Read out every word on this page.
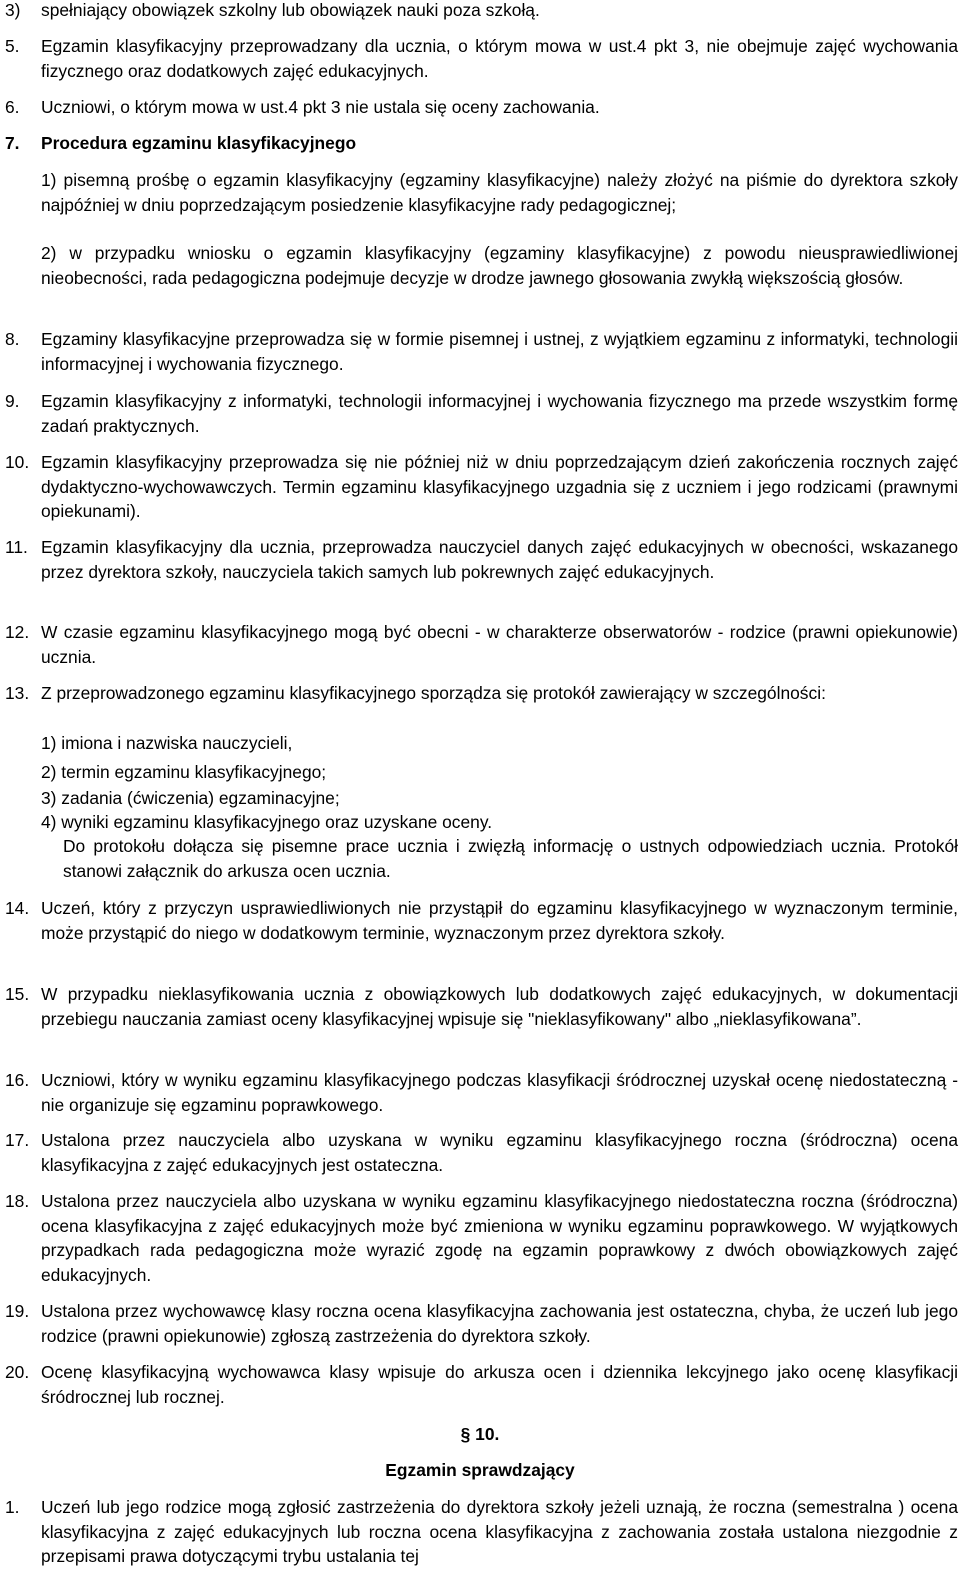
3) spełniający obowiązek szkolny lub obowiązek nauki poza szkołą.
5. Egzamin klasyfikacyjny przeprowadzany dla ucznia, o którym mowa w ust.4 pkt 3, nie obejmuje zajęć wychowania fizycznego oraz dodatkowych zajęć edukacyjnych.
6. Uczniowi, o którym mowa w ust.4 pkt 3 nie ustala się oceny zachowania.
7. Procedura egzaminu klasyfikacyjnego
1) pisemną prośbę o egzamin klasyfikacyjny (egzaminy klasyfikacyjne) należy złożyć na piśmie do dyrektora szkoły najpóźniej w dniu poprzedzającym posiedzenie klasyfikacyjne rady pedagogicznej;
2) w przypadku wniosku o egzamin klasyfikacyjny (egzaminy klasyfikacyjne) z powodu nieusprawiedliwionej nieobecności, rada pedagogiczna podejmuje decyzje w drodze jawnego głosowania zwykłą większością głosów.
8. Egzaminy klasyfikacyjne przeprowadza się w formie pisemnej i ustnej, z wyjątkiem egzaminu z informatyki, technologii informacyjnej i wychowania fizycznego.
9. Egzamin klasyfikacyjny z informatyki, technologii informacyjnej i wychowania fizycznego ma przede wszystkim formę zadań praktycznych.
10. Egzamin klasyfikacyjny przeprowadza się nie później niż w dniu poprzedzającym dzień zakończenia rocznych zajęć dydaktyczno-wychowawczych. Termin egzaminu klasyfikacyjnego uzgadnia się z uczniem i jego rodzicami (prawnymi opiekunami).
11. Egzamin klasyfikacyjny dla ucznia, przeprowadza nauczyciel danych zajęć edukacyjnych w obecności, wskazanego przez dyrektora szkoły, nauczyciela takich samych lub pokrewnych zajęć edukacyjnych.
12. W czasie egzaminu klasyfikacyjnego mogą być obecni - w charakterze obserwatorów - rodzice (prawni opiekunowie) ucznia.
13. Z przeprowadzonego egzaminu klasyfikacyjnego sporządza się protokół zawierający w szczególności:
1) imiona i nazwiska nauczycieli,
2) termin egzaminu klasyfikacyjnego;
3) zadania (ćwiczenia) egzaminacyjne;
4) wyniki egzaminu klasyfikacyjnego oraz uzyskane oceny.
Do protokołu dołącza się pisemne prace ucznia i zwięzłą informację o ustnych odpowiedziach ucznia. Protokół stanowi załącznik do arkusza ocen ucznia.
14. Uczeń, który z przyczyn usprawiedliwionych nie przystąpił do egzaminu klasyfikacyjnego w wyznaczonym terminie, może przystąpić do niego w dodatkowym terminie, wyznaczonym przez dyrektora szkoły.
15. W przypadku nieklasyfikowania ucznia z obowiązkowych lub dodatkowych zajęć edukacyjnych, w dokumentacji przebiegu nauczania zamiast oceny klasyfikacyjnej wpisuje się "nieklasyfikowany" albo „nieklasyfikowana”.
16. Uczniowi, który w wyniku egzaminu klasyfikacyjnego podczas klasyfikacji śródrocznej uzyskał ocenę niedostateczną - nie organizuje się egzaminu poprawkowego.
17. Ustalona przez nauczyciela albo uzyskana w wyniku egzaminu klasyfikacyjnego roczna (śródroczna) ocena klasyfikacyjna z zajęć edukacyjnych jest ostateczna.
18. Ustalona przez nauczyciela albo uzyskana w wyniku egzaminu klasyfikacyjnego niedostateczna roczna (śródroczna) ocena klasyfikacyjna z zajęć edukacyjnych może być zmieniona w wyniku egzaminu poprawkowego. W wyjątkowych przypadkach rada pedagogiczna może wyrazić zgodę na egzamin poprawkowy z dwóch obowiązkowych zajęć edukacyjnych.
19. Ustalona przez wychowawcę klasy roczna ocena klasyfikacyjna zachowania jest ostateczna, chyba, że uczeń lub jego rodzice (prawni opiekunowie) zgłoszą zastrzeżenia do dyrektora szkoły.
20. Ocenę klasyfikacyjną wychowawca klasy wpisuje do arkusza ocen i dziennika lekcyjnego jako ocenę klasyfikacji śródrocznej lub rocznej.
§ 10.
Egzamin sprawdzający
1. Uczeń lub jego rodzice mogą zgłosić zastrzeżenia do dyrektora szkoły jeżeli uznają, że roczna (semestralna ) ocena klasyfikacyjna z zajęć edukacyjnych lub roczna ocena klasyfikacyjna z zachowania została ustalona niezgodnie z przepisami prawa dotyczącymi trybu ustalania tej
